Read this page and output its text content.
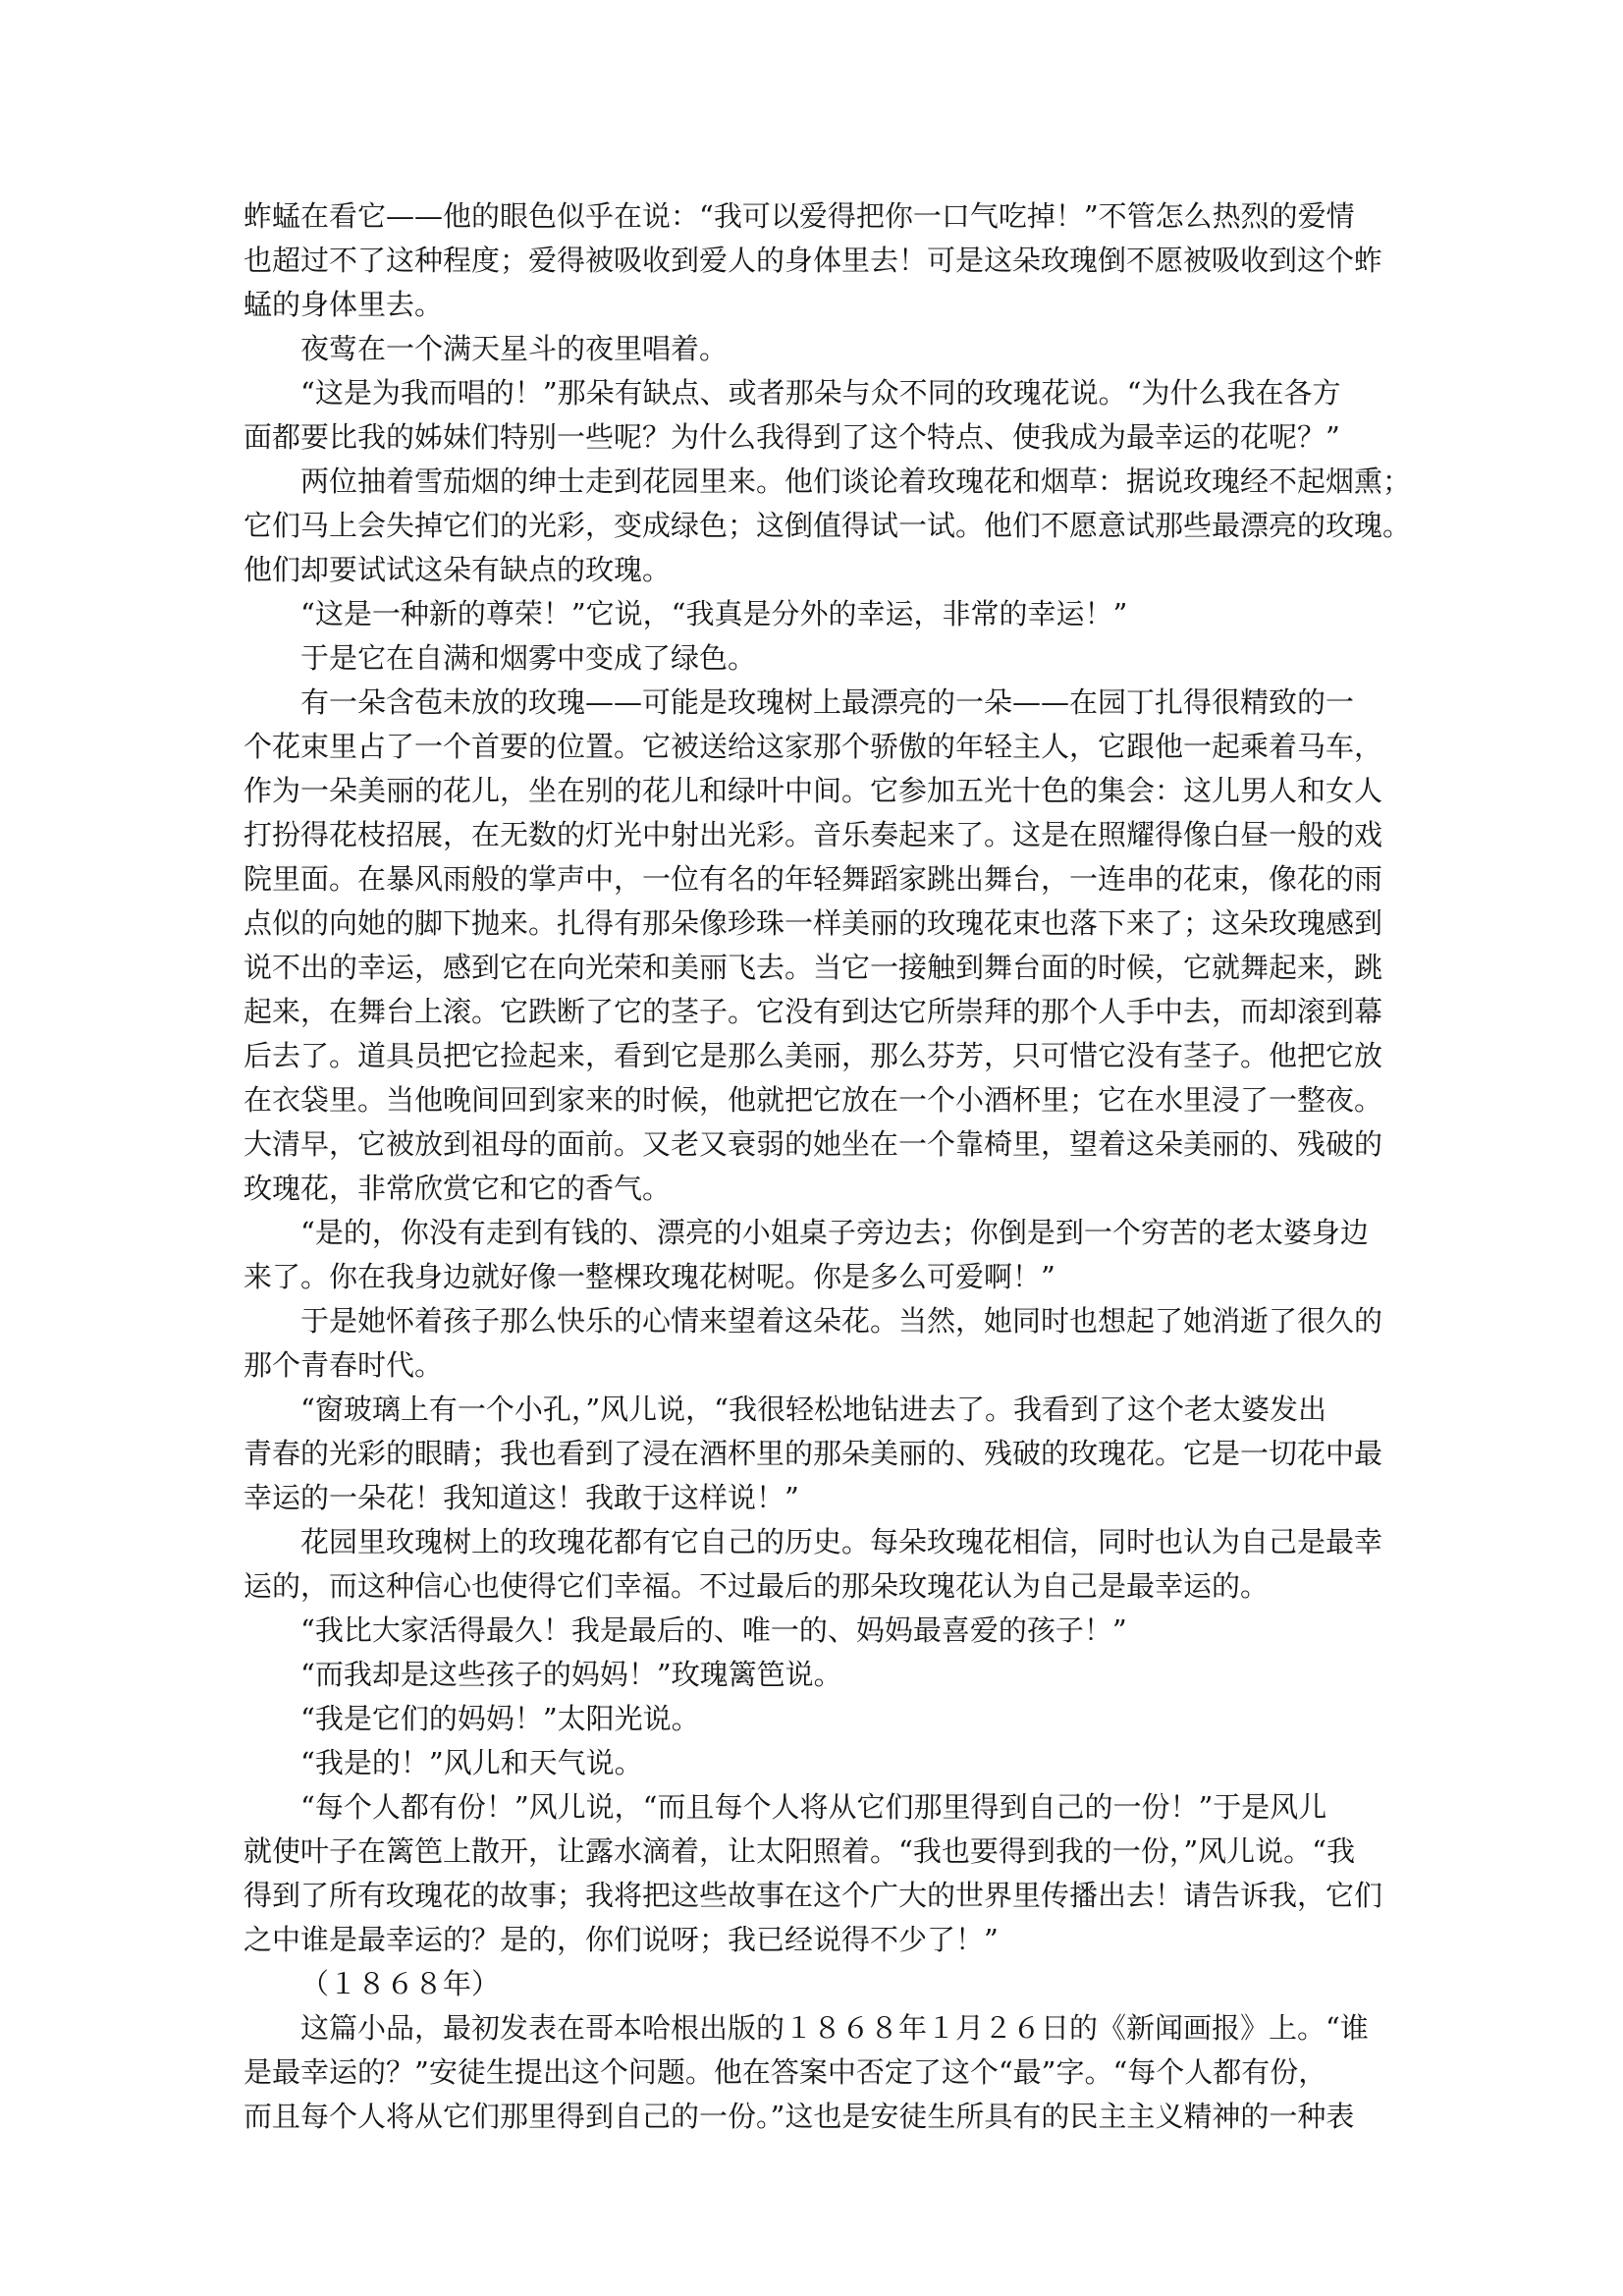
蚱蜢在看它——他的眼色似乎在说：“我可以爱得把你一口气吃掉！”不管怎么热烈的爱情
也超过不了这种程度；爱得被吸收到爱人的身体里去！可是这朵玫瑰倒不愿被吸收到这个蚱
蜢的身体里去。
夜莺在一个满天星斗的夜里唱着。
“这是为我而唱的！”那朵有缺点、或者那朵与众不同的玫瑰花说。“为什么我在各方
面都要比我的姊妹们特别一些呢？为什么我得到了这个特点、使我成为最幸运的花呢？”
两位抽着雪茄烟的绅士走到花园里来。他们谈论着玫瑰花和烟草：据说玫瑰经不起烟熏；
它们马上会失掉它们的光彩，变成绿色；这倒值得试一试。他们不愿意试那些最漂亮的玫瑰。
他们却要试试这朵有缺点的玫瑰。
“这是一种新的尊荣！”它说，“我真是分外的幸运，非常的幸运！”
于是它在自满和烟雾中变成了绿色。
有一朵含苞未放的玫瑰——可能是玫瑰树上最漂亮的一朵——在园丁扎得很精致的一
个花束里占了一个首要的位置。它被送给这家那个骄傲的年轻主人，它跟他一起乘着马车，
作为一朵美丽的花儿，坐在别的花儿和绿叶中间。它参加五光十色的集会：这儿男人和女人
打扮得花枝招展，在无数的灯光中射出光彩。音乐奏起来了。这是在照耀得像白昼一般的戏
院里面。在暴风雨般的掌声中，一位有名的年轻舞蹈家跳出舞台，一连串的花束，像花的雨
点似的向她的脚下抛来。扎得有那朵像珍珠一样美丽的玫瑰花束也落下来了；这朵玫瑰感到
说不出的幸运，感到它在向光荣和美丽飞去。当它一接触到舞台面的时候，它就舞起来，跳
起来，在舞台上滚。它跌断了它的茎子。它没有到达它所崇拜的那个人手中去，而却滚到幕
后去了。道具员把它捡起来，看到它是那么美丽，那么芬芳，只可惜它没有茎子。他把它放
在衣袋里。当他晚间回到家来的时候，他就把它放在一个小酒杯里；它在水里浸了一整夜。
大清早，它被放到祖母的面前。又老又衰弱的她坐在一个靠椅里，望着这朵美丽的、残破的
玫瑰花，非常欣赏它和它的香气。
“是的，你没有走到有钱的、漂亮的小姐桌子旁边去；你倒是到一个穷苦的老太婆身边
来了。你在我身边就好像一整棵玫瑰花树呢。你是多么可爱啊！”
于是她怀着孩子那么快乐的心情来望着这朵花。当然，她同时也想起了她消逝了很久的
那个青春时代。
“窗玻璃上有一个小孔，”风儿说，“我很轻松地钻进去了。我看到了这个老太婆发出
青春的光彩的眼睛；我也看到了浸在酒杯里的那朵美丽的、残破的玫瑰花。它是一切花中最
幸运的一朵花！我知道这！我敢于这样说！”
花园里玫瑰树上的玫瑰花都有它自己的历史。每朵玫瑰花相信，同时也认为自己是最幸
运的，而这种信心也使得它们幸福。不过最后的那朵玫瑰花认为自己是最幸运的。
“我比大家活得最久！我是最后的、唯一的、妈妈最喜爱的孩子！”
“而我却是这些孩子的妈妈！”玫瑰篱笆说。
“我是它们的妈妈！”太阳光说。
“我是的！”风儿和天气说。
“每个人都有份！”风儿说，“而且每个人将从它们那里得到自己的一份！”于是风儿
就使叶子在篱笆上散开，让露水滴着，让太阳照着。“我也要得到我的一份，”风儿说。“我
得到了所有玫瑰花的故事；我将把这些故事在这个广大的世界里传播出去！请告诉我，它们
之中谁是最幸运的？是的，你们说呀；我已经说得不少了！”
（１８６８年）
这篇小品，最初发表在哥本哈根出版的１８６８年１月２６日的《新闻画报》上。“谁
是最幸运的？”安徒生提出这个问题。他在答案中否定了这个“最”字。“每个人都有份，
而且每个人将从它们那里得到自己的一份。”这也是安徒生所具有的民主主义精神的一种表
